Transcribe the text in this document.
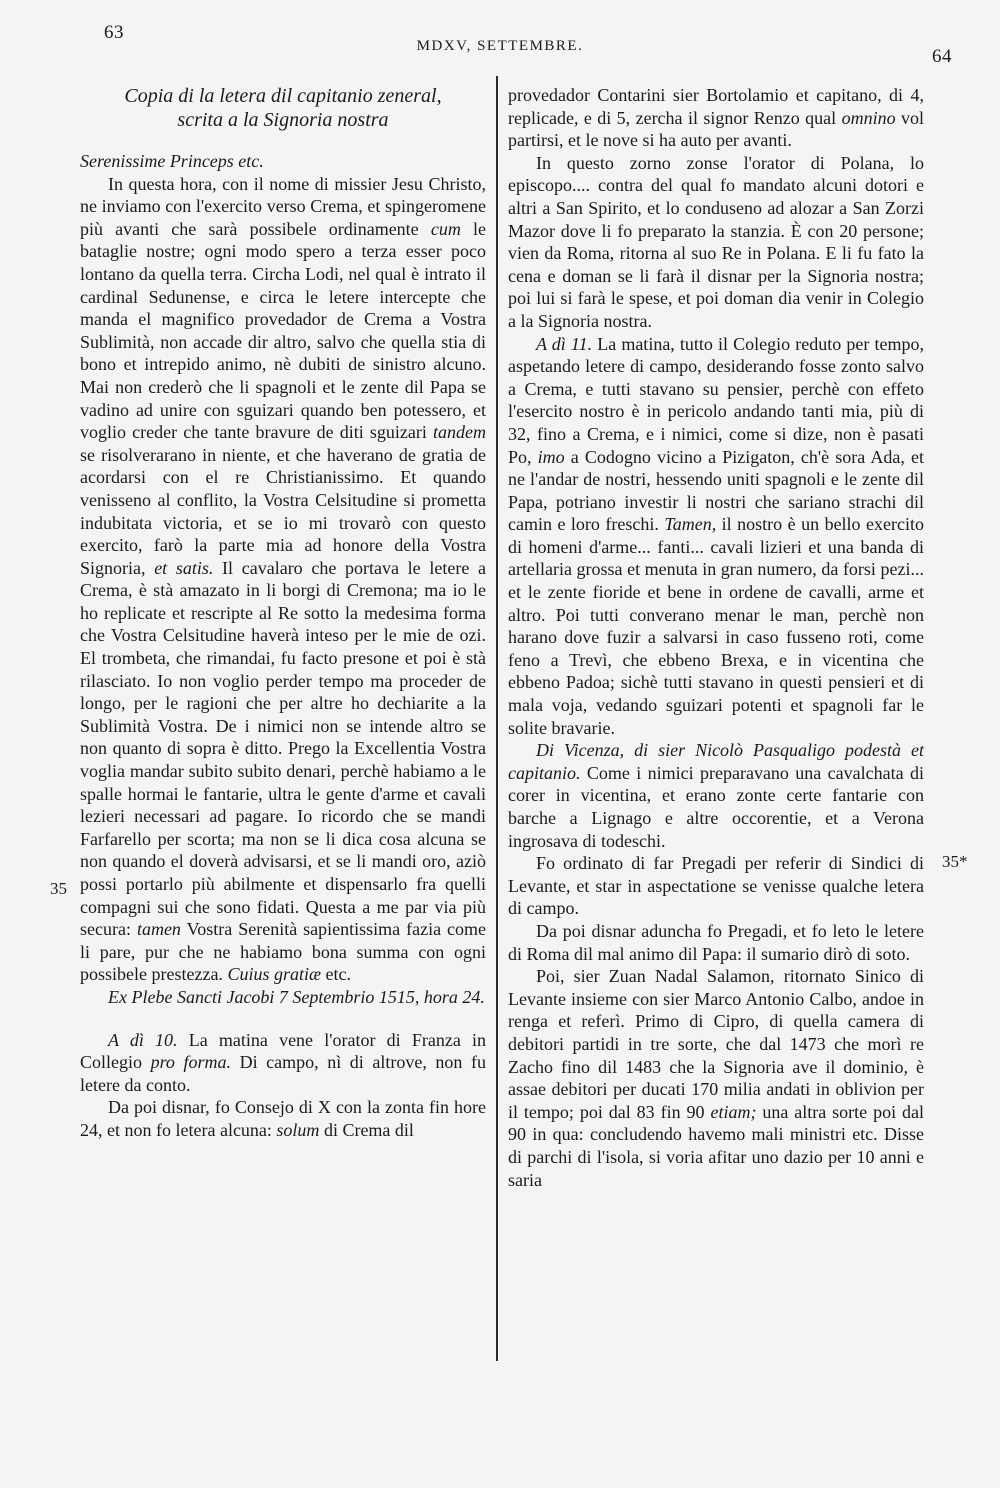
63
MDXV, SETTEMBRE.	64
35
35*

Copia di la letera dil capitanio zeneral,

scrita a la Signoria nostra

Serenissime Princeps etc.

In questa hora, con il nome di missier Jesu Christo, ne inviamo con l'exercito verso Crema, et spingeromene più avanti che sarà possibele ordinamente cum le bataglie nostre; ogni modo spero a terza esser poco lontano da quella terra. Circha Lodi, nel qual è intrato il cardinal Sedunense, e circa le letere intercepte che manda el magnifico provedador de Crema a Vostra Sublimità, non accade dir altro, salvo che quella stia di bono et intrepido animo, nè dubiti de sinistro alcuno. Mai non crederò che li spagnoli et le zente dil Papa se vadino ad unire con sguizari quando ben potessero, et voglio creder che tante bravure de diti sguizari tandem se risolverarano in niente, et che haverano de gratia de acordarsi con el re Christianissimo. Et quando venisseno al conflito, la Vostra Celsitudine si prometta indubitata victoria, et se io mi trovarò con questo exercito, farò la parte mia ad honore della Vostra Signoria, et satis. Il cavalaro che portava le letere a Crema, è stà amazato in li borgi di Cremona; ma io le ho replicate et rescripte al Re sotto la medesima forma che Vostra Celsitudine haverà inteso per le mie de ozi. El trombeta, che rimandai, fu facto presone et poi è stà rilasciato. Io non voglio perder tempo ma proceder de longo, per le ragioni che per altre ho dechiarite a la Sublimità Vostra. De i nimici non se intende altro se non quanto di sopra è ditto. Prego la Excellentia Vostra voglia mandar subito subito denari, perchè habiamo a le spalle hormai le fantarie, ultra le gente d'arme et cavali lezieri necessari ad pagare. Io ricordo che se mandi Farfarello per scorta; ma non se li dica cosa alcuna se non quando el doverà advisarsi, et se li mandi oro, aziò possi portarlo più abilmente et dispensarlo fra quelli compagni sui che sono fidati. Questa a me par via più secura: tamen Vostra Serenità sapientissima fazia come li pare, pur che ne habiamo bona summa con ogni possibele prestezza. Cuius gratiæ etc.

Ex Plebe Sancti Jacobi 7 Septembrio 1515, hora 24.

A dì 10. La matina vene l'orator di Franza in Collegio pro forma. Di campo, nì di altrove, non fu letere da conto.

Da poi disnar, fo Consejo di X con la zonta fin hore 24, et non fo letera alcuna: solum di Crema dil

provedador Contarini sier Bortolamio et capitano, di 4, replicade, e di 5, zercha il signor Renzo qual omnino vol partirsi, et le nove si ha auto per avanti.

In questo zorno zonse l'orator di Polana, lo episcopo.... contra del qual fo mandato alcuni dotori e altri a San Spirito, et lo conduseno ad alozar a San Zorzi Mazor dove li fo preparato la stanzia. È con 20 persone; vien da Roma, ritorna al suo Re in Polana. E li fu fato la cena e doman se li farà il disnar per la Signoria nostra; poi lui si farà le spese, et poi doman dia venir in Colegio a la Signoria nostra.

A dì 11. La matina, tutto il Colegio reduto per tempo, aspetando letere di campo, desiderando fosse zonto salvo a Crema, e tutti stavano su pensier, perchè con effeto l'esercito nostro è in pericolo andando tanti mia, più di 32, fino a Crema, e i nimici, come si dize, non è pasati Po, imo a Codogno vicino a Pizigaton, ch'è sora Ada, et ne l'andar de nostri, hessendo uniti spagnoli e le zente dil Papa, potriano investir li nostri che sariano strachi dil camin e loro freschi. Tamen, il nostro è un bello exercito di homeni d'arme... fanti... cavali lizieri et una banda di artellaria grossa et menuta in gran numero, da forsi pezi... et le zente fioride et bene in ordene de cavalli, arme et altro. Poi tutti converano menar le man, perchè non harano dove fuzir a salvarsi in caso fusseno roti, come feno a Trevì, che ebbeno Brexa, e in vicentina che ebbeno Padoa; sichè tutti stavano in questi pensieri et di mala voja, vedando sguizari potenti et spagnoli far le solite bravarie.

Di Vicenza, di sier Nicolò Pasqualigo podestà et capitanio. Come i nimici preparavano una cavalchata di corer in vicentina, et erano zonte certe fantarie con barche a Lignago e altre occorentie, et a Verona ingrosava di todeschi.

Fo ordinato di far Pregadi per referir di Sindici di Levante, et star in aspectatione se venisse qualche letera di campo.

Da poi disnar aduncha fo Pregadi, et fo leto le letere di Roma dil mal animo dil Papa: il sumario dirò di soto.

Poi, sier Zuan Nadal Salamon, ritornato Sinico di Levante insieme con sier Marco Antonio Calbo, andoe in renga et referì. Primo di Cipro, di quella camera di debitori partidi in tre sorte, che dal 1473 che morì re Zacho fino dil 1483 che la Signoria ave il dominio, è assae debitori per ducati 170 milia andati in oblivion per il tempo; poi dal 83 fin 90 etiam; una altra sorte poi dal 90 in qua: concludendo havemo mali ministri etc. Disse di parchi di l'isola, si voria afitar uno dazio per 10 anni e saria
